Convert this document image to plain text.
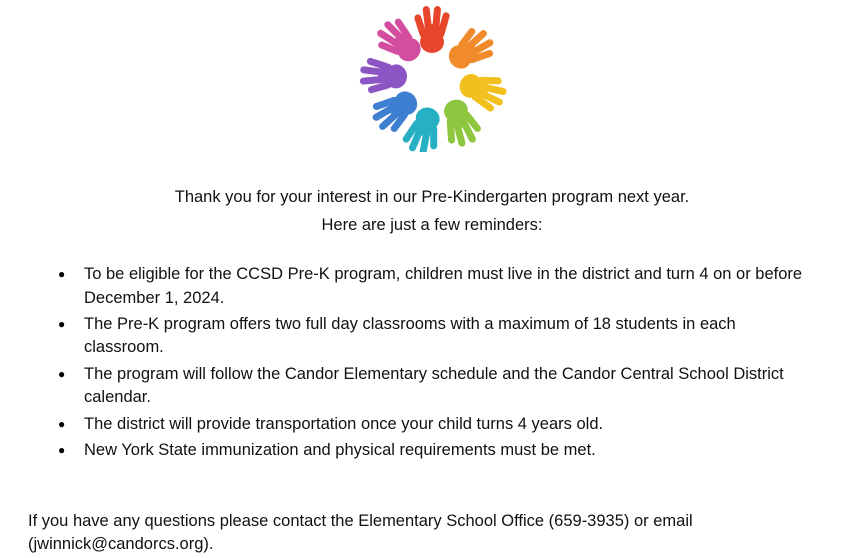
Thank you for your interest in our Pre-Kindergarten program next year.
Here are just a few reminders:
● To be eligible for the CCSD Pre-K program, children must live in the district and turn 4 on or before December 1, 2024.
● The Pre-K program offers two full day classrooms with a maximum of 18 students in each classroom.
● The program will follow the Candor Elementary schedule and the Candor Central School District calendar.
● The district will provide transportation once your child turns 4 years old.
● New York State immunization and physical requirements must be met.
If you have any questions please contact the Elementary School Office (659-3935) or email (jwinnick@candorcs.org).
